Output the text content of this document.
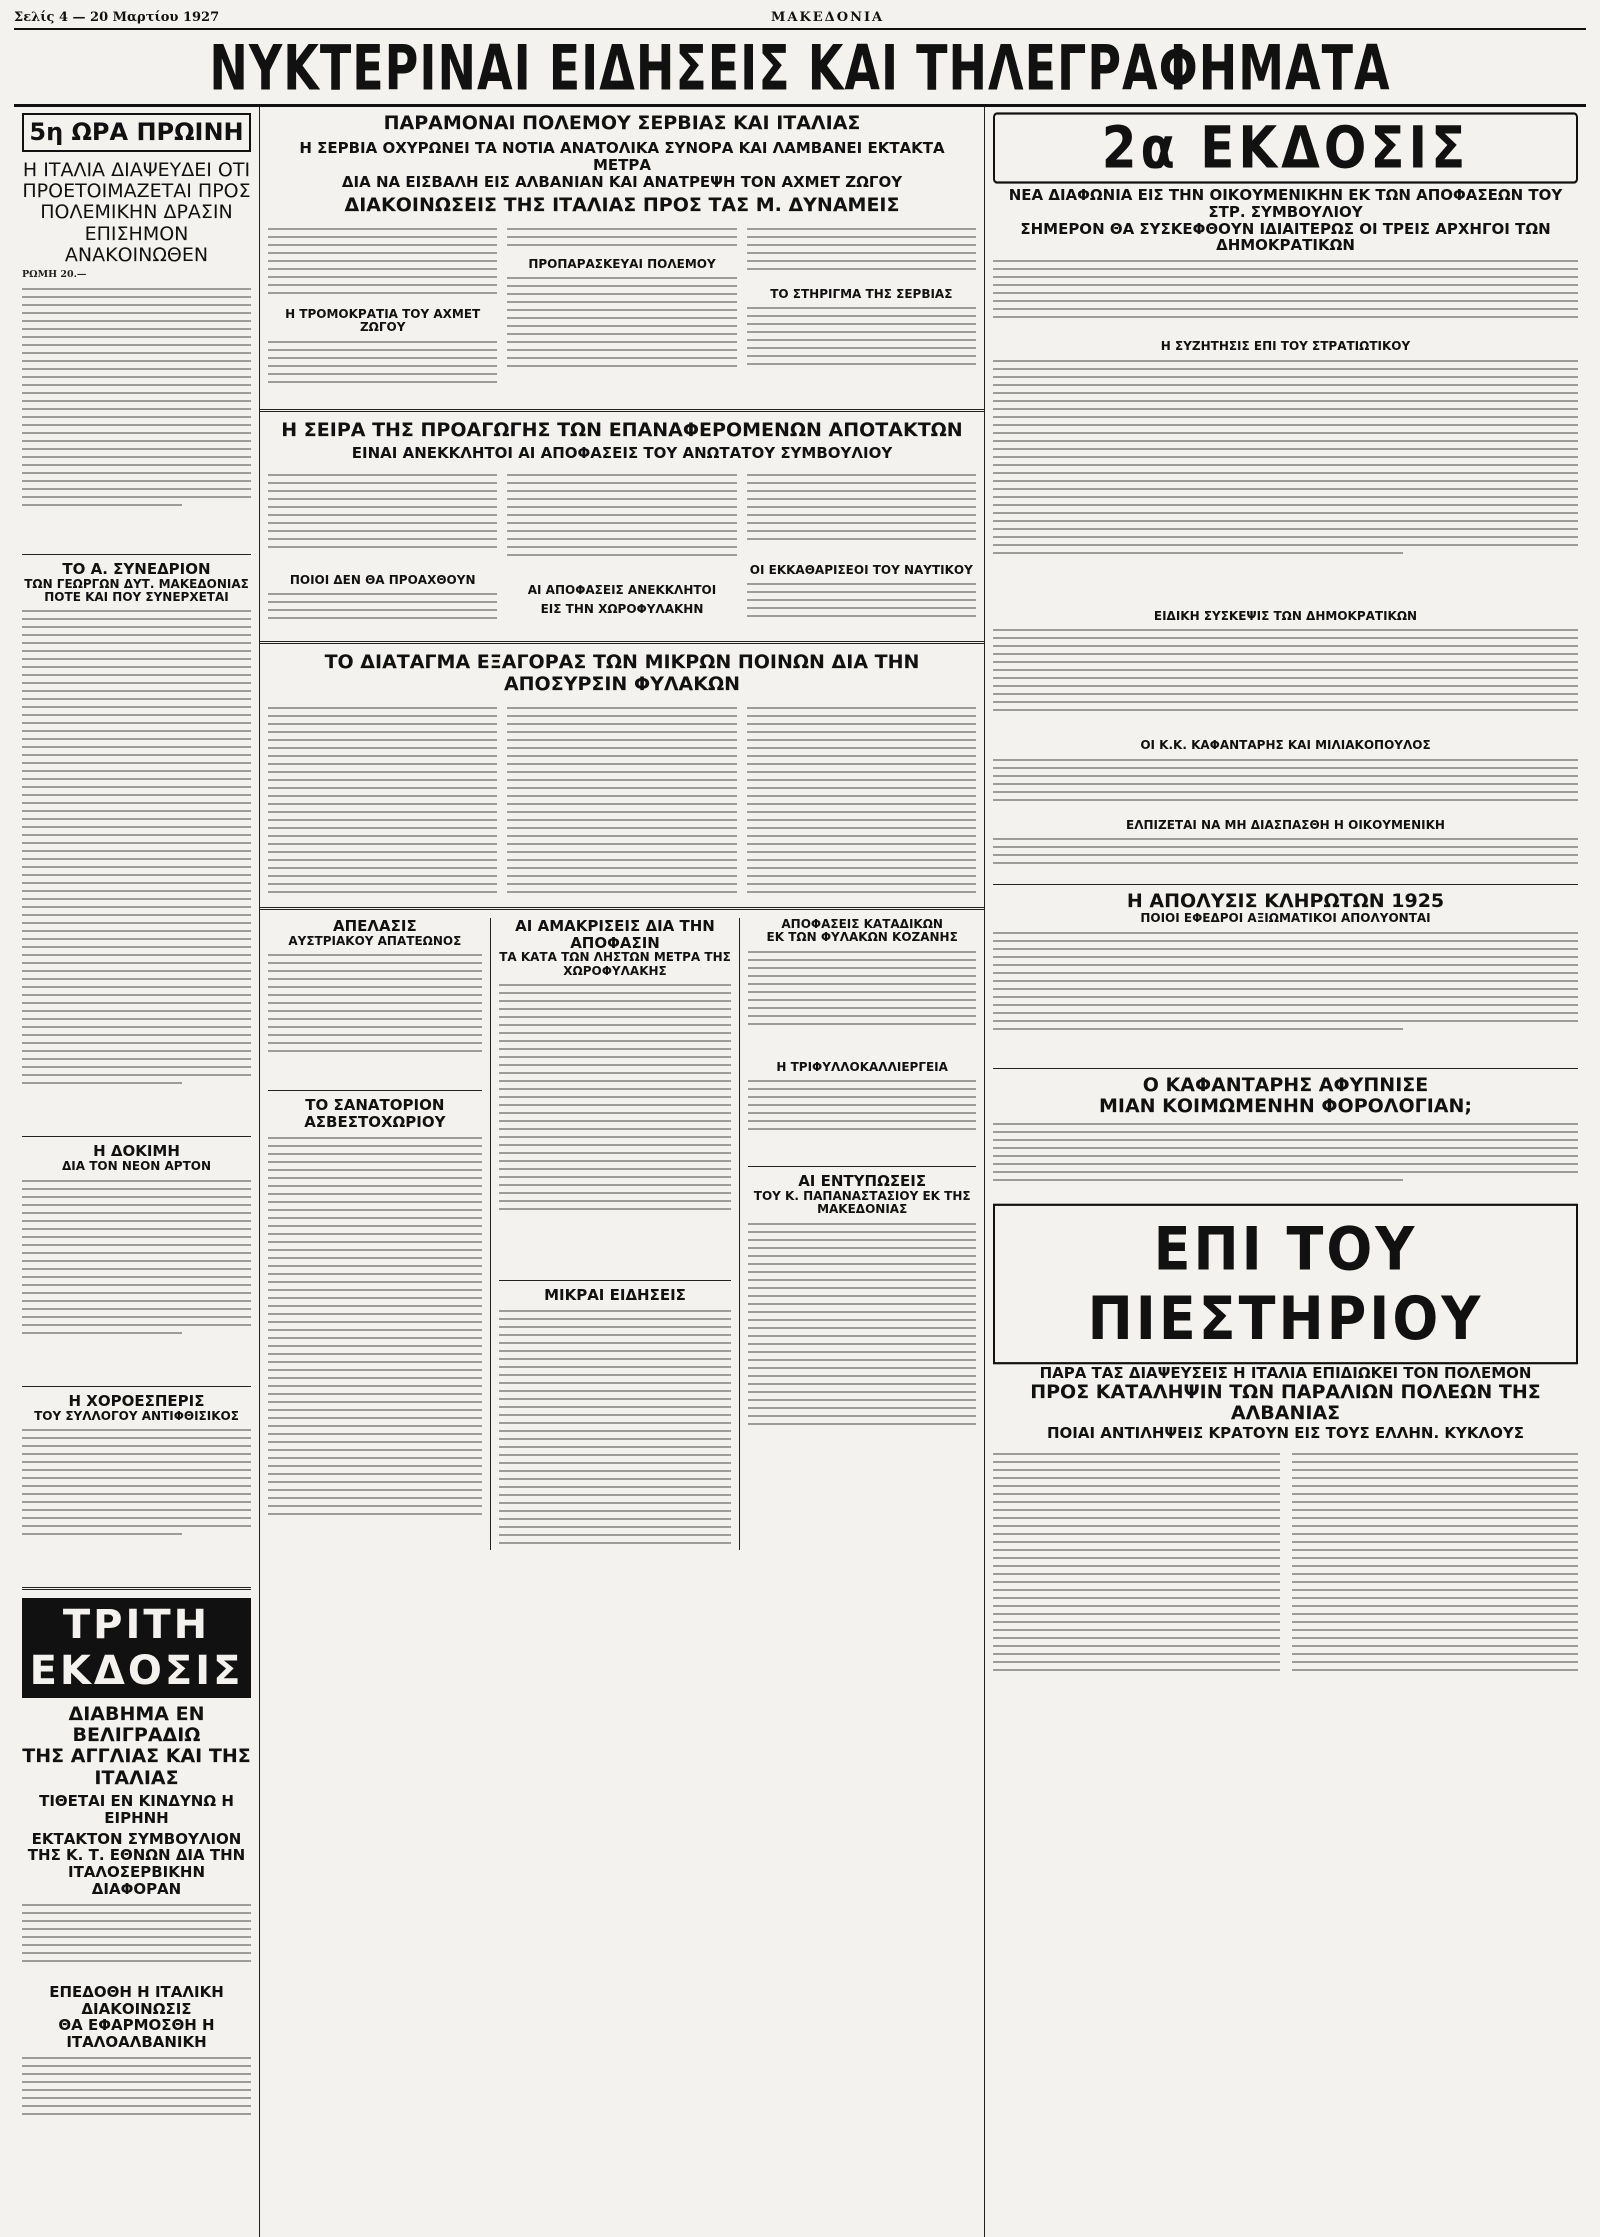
Σελίς 4 — 20 Μαρτίου 1927	ΜΑΚΕΔΟΝΙΑ
ΝΥΚΤΕΡΙΝΑΙ ΕΙΔΗΣΕΙΣ ΚΑΙ ΤΗΛΕΓΡΑΦΗΜΑΤΑ
5η ΩΡΑ ΠΡΩΙΝΗ
Η ΙΤΑΛΙΑ ΔΙΑΨΕΥΔΕΙ ΟΤΙ ΠΡΟΕΤΟΙΜΑΖΕΤΑΙ ΠΡΟΣ ΠΟΛΕΜΙΚΗΝ ΔΡΑΣΙΝ ΕΠΙΣΗΜΟΝ ΑΝΑΚΟΙΝΩΘΕΝ
ΡΩΜΗ 20.—
ΤΟ Α. ΣΥΝΕΔΡΙΟΝ
ΤΩΝ ΓΕΩΡΓΩΝ ΔΥΤ. ΜΑΚΕΔΟΝΙΑΣ ΠΟΤΕ ΚΑΙ ΠΟΥ ΣΥΝΕΡΧΕΤΑΙ
Η ΔΟΚΙΜΗ
ΔΙΑ ΤΟΝ ΝΕΟΝ ΑΡΤΟΝ
Η ΧΟΡΟΕΣΠΕΡΙΣ
ΤΟΥ ΣΥΛΛΟΓΟΥ ΑΝΤΙΦΘΙΣΙΚΟΣ
ΤΡΙΤΗ ΕΚΔΟΣΙΣ
ΔΙΑΒΗΜΑ ΕΝ ΒΕΛΙΓΡΑΔΙΩ
ΤΗΣ ΑΓΓΛΙΑΣ ΚΑΙ ΤΗΣ ΙΤΑΛΙΑΣ
ΤΙΘΕΤΑΙ ΕΝ ΚΙΝΔΥΝΩ Η ΕΙΡΗΝΗ
ΕΚΤΑΚΤΟΝ ΣΥΜΒΟΥΛΙΟΝ ΤΗΣ Κ. Τ. ΕΘΝΩΝ ΔΙΑ ΤΗΝ ΙΤΑΛΟΣΕΡΒΙΚΗΝ ΔΙΑΦΟΡΑΝ
ΕΠΕΔΟΘΗ Η ΙΤΑΛΙΚΗ ΔΙΑΚΟΙΝΩΣΙΣ
ΘΑ ΕΦΑΡΜΟΣΘΗ Η ΙΤΑΛΟΑΛΒΑΝΙΚΗ
ΠΑΡΑΜΟΝΑΙ ΠΟΛΕΜΟΥ ΣΕΡΒΙΑΣ ΚΑΙ ΙΤΑΛΙΑΣ
Η ΣΕΡΒΙΑ ΟΧΥΡΩΝΕΙ ΤΑ ΝΟΤΙΑ ΑΝΑΤΟΛΙΚΑ ΣΥΝΟΡΑ ΚΑΙ ΛΑΜΒΑΝΕΙ ΕΚΤΑΚΤΑ ΜΕΤΡΑ
ΔΙΑ ΝΑ ΕΙΣΒΑΛΗ ΕΙΣ ΑΛΒΑΝΙΑΝ ΚΑΙ ΑΝΑΤΡΕΨΗ ΤΟΝ ΑΧΜΕΤ ΖΩΓΟΥ
ΔΙΑΚΟΙΝΩΣΕΙΣ ΤΗΣ ΙΤΑΛΙΑΣ ΠΡΟΣ ΤΑΣ Μ. ΔΥΝΑΜΕΙΣ
Η ΤΡΟΜΟΚΡΑΤΙΑ ΤΟΥ ΑΧΜΕΤ ΖΩΓΟΥ
ΠΡΟΠΑΡΑΣΚΕΥΑΙ ΠΟΛΕΜΟΥ
ΤΟ ΣΤΗΡΙΓΜΑ ΤΗΣ ΣΕΡΒΙΑΣ
Η ΣΕΙΡΑ ΤΗΣ ΠΡΟΑΓΩΓΗΣ ΤΩΝ ΕΠΑΝΑΦΕΡΟΜΕΝΩΝ ΑΠΟΤΑΚΤΩΝ
ΕΙΝΑΙ ΑΝΕΚΚΛΗΤΟΙ ΑΙ ΑΠΟΦΑΣΕΙΣ ΤΟΥ ΑΝΩΤΑΤΟΥ ΣΥΜΒΟΥΛΙΟΥ
ΠΟΙΟΙ ΔΕΝ ΘΑ ΠΡΟΑΧΘΟΥΝ
ΑΙ ΑΠΟΦΑΣΕΙΣ ΑΝΕΚΚΛΗΤΟΙ
ΕΙΣ ΤΗΝ ΧΩΡΟΦΥΛΑΚΗΝ
ΟΙ ΕΚΚΑΘΑΡΙΣΕΟΙ ΤΟΥ ΝΑΥΤΙΚΟΥ
ΤΟ ΔΙΑΤΑΓΜΑ ΕΞΑΓΟΡΑΣ ΤΩΝ ΜΙΚΡΩΝ ΠΟΙΝΩΝ ΔΙΑ ΤΗΝ ΑΠΟΣΥΡΣΙΝ ΦΥΛΑΚΩΝ
ΑΠΕΛΑΣΙΣ
ΑΥΣΤΡΙΑΚΟΥ ΑΠΑΤΕΩΝΟΣ
ΤΟ ΣΑΝΑΤΟΡΙΟΝ
ΑΣΒΕΣΤΟΧΩΡΙΟΥ
ΑΙ ΑΜΑΚΡΙΣΕΙΣ ΔΙΑ ΤΗΝ ΑΠΟΦΑΣΙΝ
ΤΑ ΚΑΤΑ ΤΩΝ ΛΗΣΤΩΝ ΜΕΤΡΑ ΤΗΣ ΧΩΡΟΦΥΛΑΚΗΣ
ΜΙΚΡΑΙ ΕΙΔΗΣΕΙΣ
ΑΠΟΦΑΣΕΙΣ ΚΑΤΑΔΙΚΩΝ
ΕΚ ΤΩΝ ΦΥΛΑΚΩΝ ΚΟΖΑΝΗΣ
Η ΤΡΙΦΥΛΛΟΚΑΛΛΙΕΡΓΕΙΑ
ΑΙ ΕΝΤΥΠΩΣΕΙΣ
ΤΟΥ Κ. ΠΑΠΑΝΑΣΤΑΣΙΟΥ ΕΚ ΤΗΣ ΜΑΚΕΔΟΝΙΑΣ
2α ΕΚΔΟΣΙΣ
ΝΕΑ ΔΙΑΦΩΝΙΑ ΕΙΣ ΤΗΝ ΟΙΚΟΥΜΕΝΙΚΗΝ ΕΚ ΤΩΝ ΑΠΟΦΑΣΕΩΝ ΤΟΥ ΣΤΡ. ΣΥΜΒΟΥΛΙΟΥ
ΣΗΜΕΡΟΝ ΘΑ ΣΥΣΚΕΦΘΟΥΝ ΙΔΙΑΙΤΕΡΩΣ ΟΙ ΤΡΕΙΣ ΑΡΧΗΓΟΙ ΤΩΝ ΔΗΜΟΚΡΑΤΙΚΩΝ
Η ΣΥΖΗΤΗΣΙΣ ΕΠΙ ΤΟΥ ΣΤΡΑΤΙΩΤΙΚΟΥ
ΕΙΔΙΚΗ ΣΥΣΚΕΨΙΣ ΤΩΝ ΔΗΜΟΚΡΑΤΙΚΩΝ
ΟΙ Κ.Κ. ΚΑΦΑΝΤΑΡΗΣ ΚΑΙ ΜΙΛΙΑΚΟΠΟΥΛΟΣ
ΕΛΠΙΖΕΤΑΙ ΝΑ ΜΗ ΔΙΑΣΠΑΣΘΗ Η ΟΙΚΟΥΜΕΝΙΚΗ
Η ΑΠΟΛΥΣΙΣ ΚΛΗΡΩΤΩΝ 1925
ΠΟΙΟΙ ΕΦΕΔΡΟΙ ΑΞΙΩΜΑΤΙΚΟΙ ΑΠΟΛΥΟΝΤΑΙ
Ο ΚΑΦΑΝΤΑΡΗΣ ΑΦΥΠΝΙΣΕ
ΜΙΑΝ ΚΟΙΜΩΜΕΝΗΝ ΦΟΡΟΛΟΓΙΑΝ;
ΕΠΙ ΤΟΥ ΠΙΕΣΤΗΡΙΟΥ
ΠΑΡΑ ΤΑΣ ΔΙΑΨΕΥΣΕΙΣ Η ΙΤΑΛΙΑ ΕΠΙΔΙΩΚΕΙ ΤΟΝ ΠΟΛΕΜΟΝ
ΠΡΟΣ ΚΑΤΑΛΗΨΙΝ ΤΩΝ ΠΑΡΑΛΙΩΝ ΠΟΛΕΩΝ ΤΗΣ ΑΛΒΑΝΙΑΣ
ΠΟΙΑΙ ΑΝΤΙΛΗΨΕΙΣ ΚΡΑΤΟΥΝ ΕΙΣ ΤΟΥΣ ΕΛΛΗΝ. ΚΥΚΛΟΥΣ
